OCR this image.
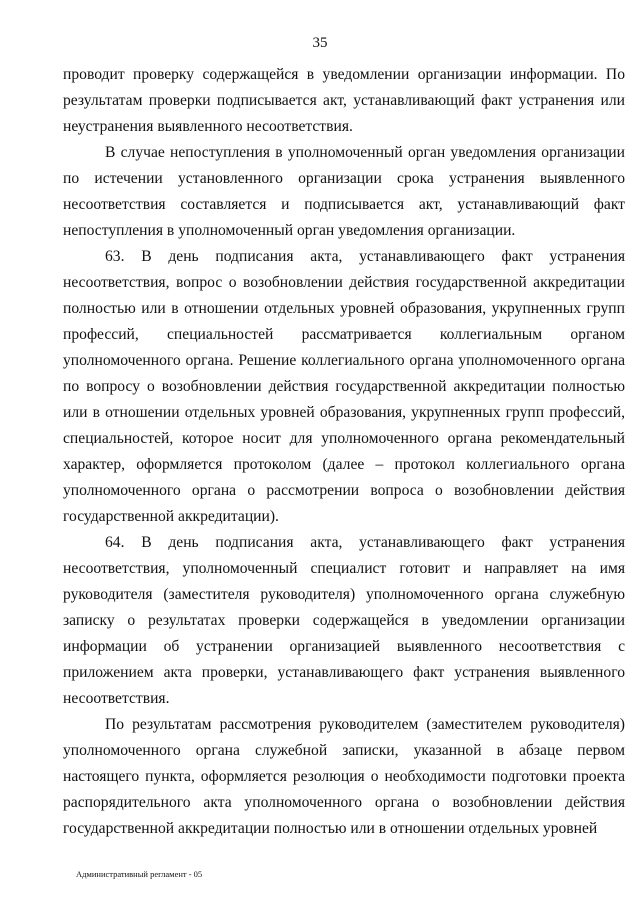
35

проводит проверку содержащейся в уведомлении организации информации. По результатам проверки подписывается акт, устанавливающий факт устранения или неустранения выявленного несоответствия.

В случае непоступления в уполномоченный орган уведомления организации по истечении установленного организации срока устранения выявленного несоответствия составляется и подписывается акт, устанавливающий факт непоступления в уполномоченный орган уведомления организации.

63. В день подписания акта, устанавливающего факт устранения несоответствия, вопрос о возобновлении действия государственной аккредитации полностью или в отношении отдельных уровней образования, укрупненных групп профессий, специальностей рассматривается коллегиальным органом уполномоченного органа. Решение коллегиального органа уполномоченного органа по вопросу о возобновлении действия государственной аккредитации полностью или в отношении отдельных уровней образования, укрупненных групп профессий, специальностей, которое носит для уполномоченного органа рекомендательный характер, оформляется протоколом (далее – протокол коллегиального органа уполномоченного органа о рассмотрении вопроса о возобновлении действия государственной аккредитации).

64. В день подписания акта, устанавливающего факт устранения несоответствия, уполномоченный специалист готовит и направляет на имя руководителя (заместителя руководителя) уполномоченного органа служебную записку о результатах проверки содержащейся в уведомлении организации информации об устранении организацией выявленного несоответствия с приложением акта проверки, устанавливающего факт устранения выявленного несоответствия.

По результатам рассмотрения руководителем (заместителем руководителя) уполномоченного органа служебной записки, указанной в абзаце первом настоящего пункта, оформляется резолюция о необходимости подготовки проекта распорядительного акта уполномоченного органа о возобновлении действия государственной аккредитации полностью или в отношении отдельных уровней

Административный регламент - 05
